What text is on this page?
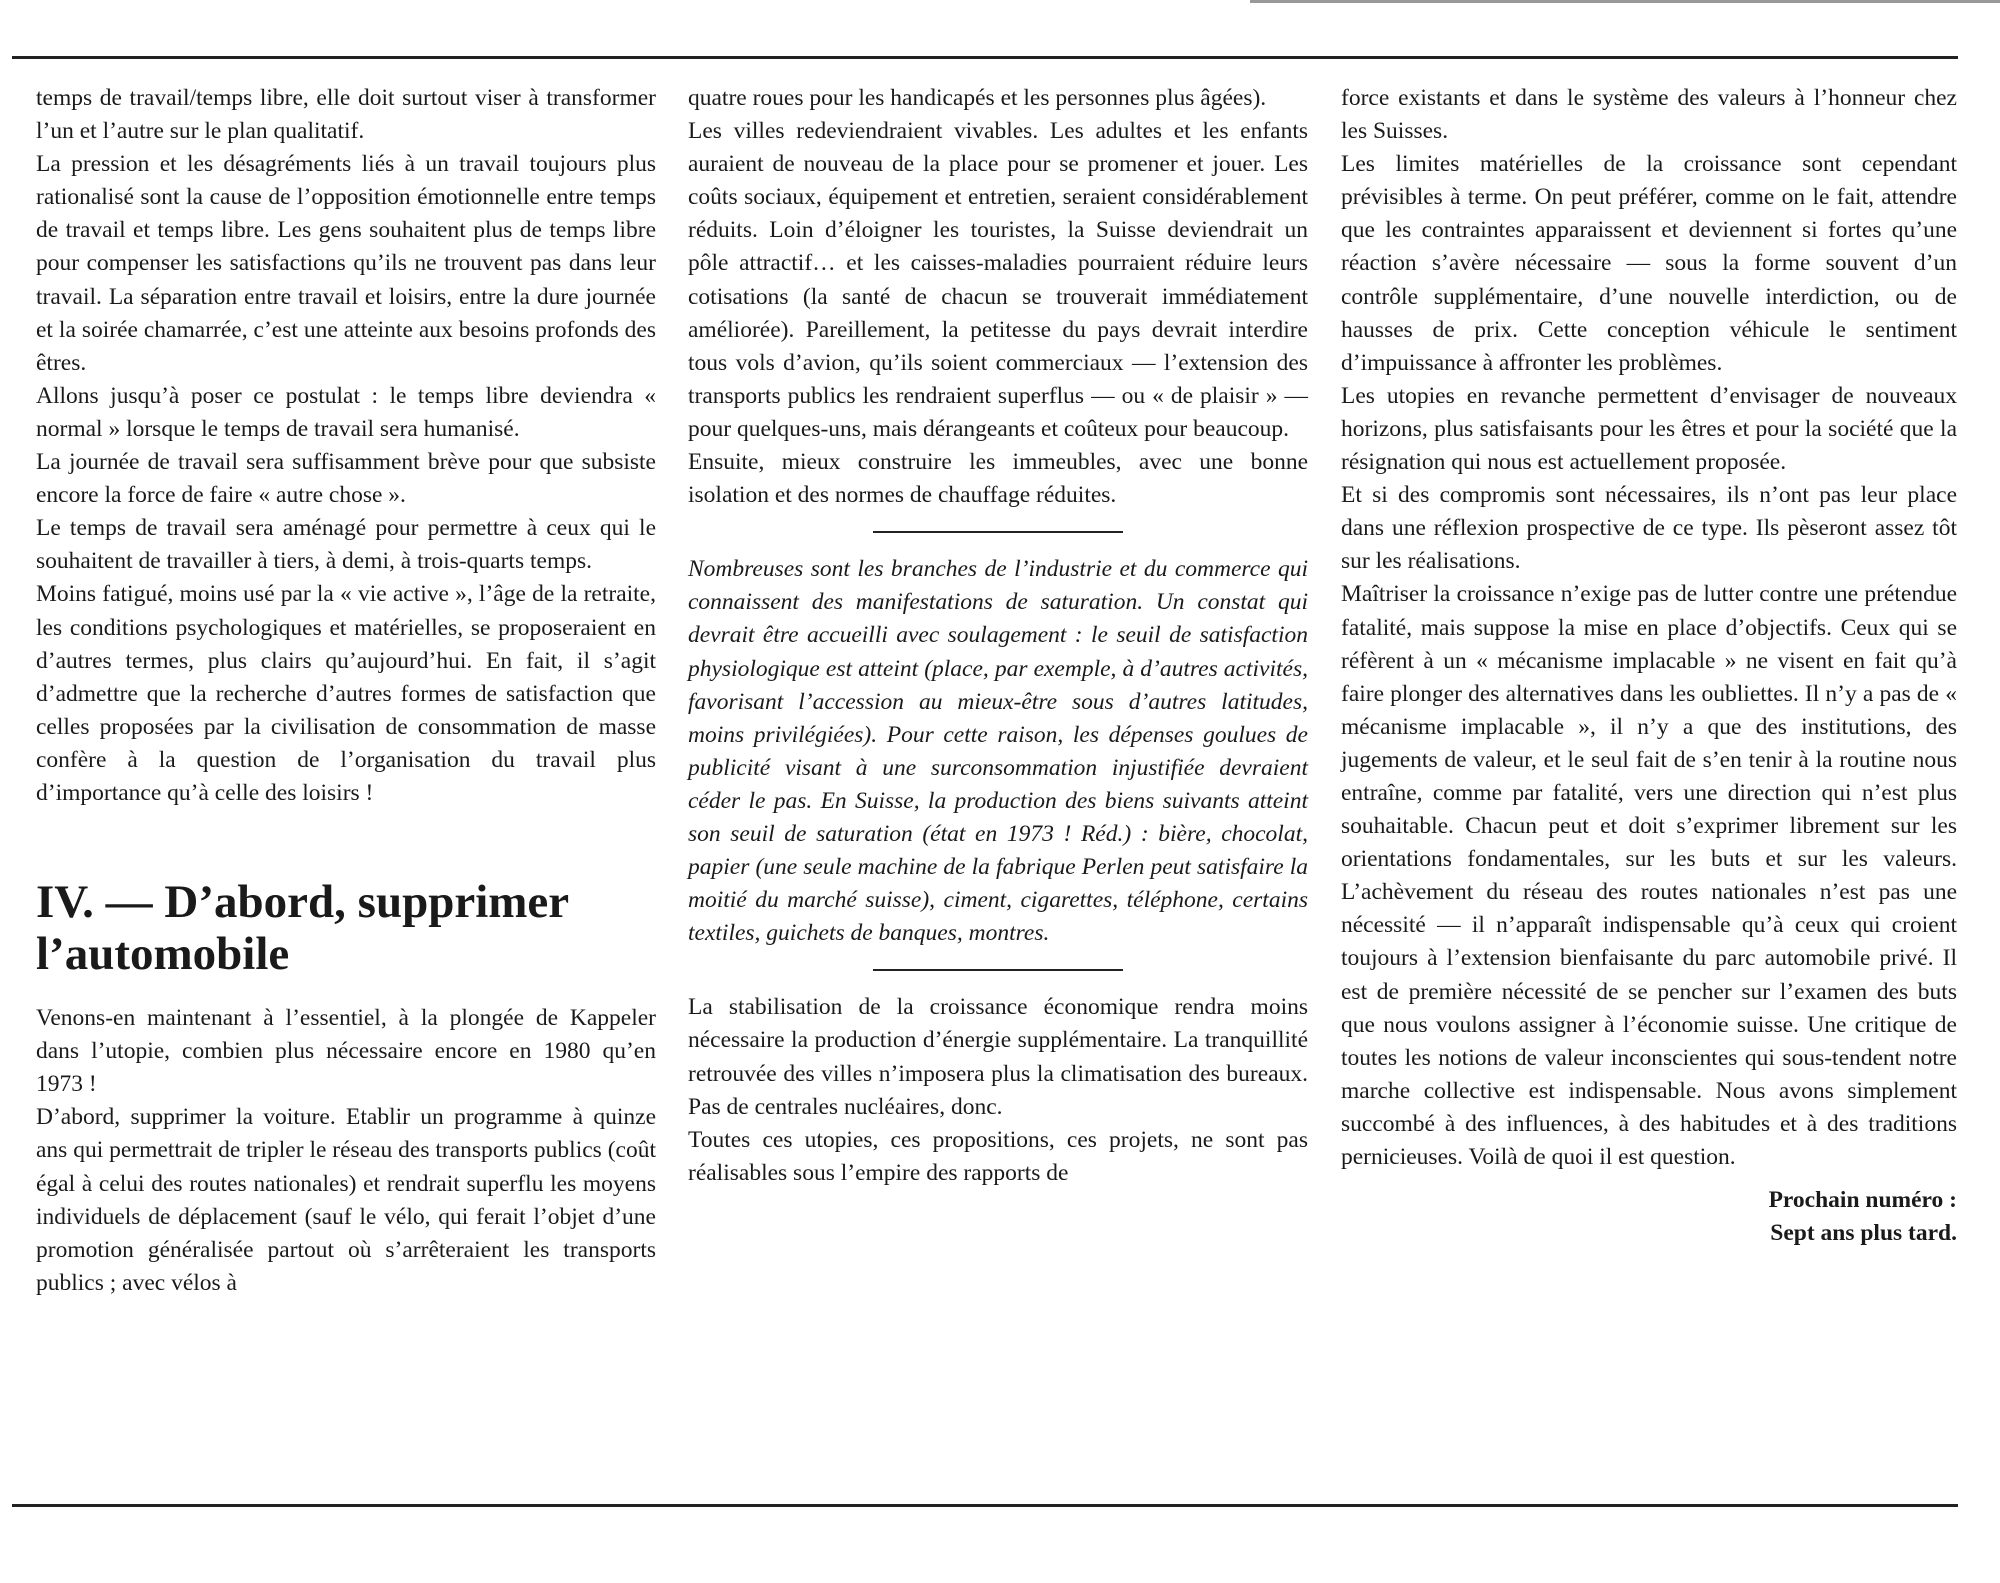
temps de travail/temps libre, elle doit surtout viser à transformer l’un et l’autre sur le plan qualitatif.

La pression et les désagréments liés à un travail toujours plus rationalisé sont la cause de l’opposition émotionnelle entre temps de travail et temps libre. Les gens souhaitent plus de temps libre pour compenser les satisfactions qu’ils ne trouvent pas dans leur travail. La séparation entre travail et loisirs, entre la dure journée et la soirée chamarrée, c’est une atteinte aux besoins profonds des êtres.

Allons jusqu’à poser ce postulat : le temps libre deviendra « normal » lorsque le temps de travail sera humanisé.

La journée de travail sera suffisamment brève pour que subsiste encore la force de faire « autre chose ».

Le temps de travail sera aménagé pour permettre à ceux qui le souhaitent de travailler à tiers, à demi, à trois-quarts temps.

Moins fatigué, moins usé par la « vie active », l’âge de la retraite, les conditions psychologiques et matérielles, se proposeraient en d’autres termes, plus clairs qu’aujourd’hui. En fait, il s’agit d’admettre que la recherche d’autres formes de satisfaction que celles proposées par la civilisation de consommation de masse confère à la question de l’organisation du travail plus d’importance qu’à celle des loisirs !

IV. — D’abord, supprimer l’automobile

Venons-en maintenant à l’essentiel, à la plongée de Kappeler dans l’utopie, combien plus nécessaire encore en 1980 qu’en 1973 !

D’abord, supprimer la voiture. Etablir un programme à quinze ans qui permettrait de tripler le réseau des transports publics (coût égal à celui des routes nationales) et rendrait superflu les moyens individuels de déplacement (sauf le vélo, qui ferait l’objet d’une promotion généralisée partout où s’arrêteraient les transports publics ; avec vélos à

quatre roues pour les handicapés et les personnes plus âgées).

Les villes redeviendraient vivables. Les adultes et les enfants auraient de nouveau de la place pour se promener et jouer. Les coûts sociaux, équipement et entretien, seraient considérablement réduits. Loin d’éloigner les touristes, la Suisse deviendrait un pôle attractif… et les caisses-maladies pourraient réduire leurs cotisations (la santé de chacun se trouverait immédiatement améliorée). Pareillement, la petitesse du pays devrait interdire tous vols d’avion, qu’ils soient commerciaux — l’extension des transports publics les rendraient superflus — ou « de plaisir » — pour quelques-uns, mais dérangeants et coûteux pour beaucoup.

Ensuite, mieux construire les immeubles, avec une bonne isolation et des normes de chauffage réduites.

Nombreuses sont les branches de l’industrie et du commerce qui connaissent des manifestations de saturation. Un constat qui devrait être accueilli avec soulagement : le seuil de satisfaction physiologique est atteint (place, par exemple, à d’autres activités, favorisant l’accession au mieux-être sous d’autres latitudes, moins privilégiées). Pour cette raison, les dépenses goulues de publicité visant à une surconsommation injustifiée devraient céder le pas. En Suisse, la production des biens suivants atteint son seuil de saturation (état en 1973 ! Réd.) : bière, chocolat, papier (une seule machine de la fabrique Perlen peut satisfaire la moitié du marché suisse), ciment, cigarettes, téléphone, certains textiles, guichets de banques, montres.

La stabilisation de la croissance économique rendra moins nécessaire la production d’énergie supplémentaire. La tranquillité retrouvée des villes n’imposera plus la climatisation des bureaux. Pas de centrales nucléaires, donc.

Toutes ces utopies, ces propositions, ces projets, ne sont pas réalisables sous l’empire des rapports de

force existants et dans le système des valeurs à l’honneur chez les Suisses.

Les limites matérielles de la croissance sont cependant prévisibles à terme. On peut préférer, comme on le fait, attendre que les contraintes apparaissent et deviennent si fortes qu’une réaction s’avère nécessaire — sous la forme souvent d’un contrôle supplémentaire, d’une nouvelle interdiction, ou de hausses de prix. Cette conception véhicule le sentiment d’impuissance à affronter les problèmes.

Les utopies en revanche permettent d’envisager de nouveaux horizons, plus satisfaisants pour les êtres et pour la société que la résignation qui nous est actuellement proposée.

Et si des compromis sont nécessaires, ils n’ont pas leur place dans une réflexion prospective de ce type. Ils pèseront assez tôt sur les réalisations.

Maîtriser la croissance n’exige pas de lutter contre une prétendue fatalité, mais suppose la mise en place d’objectifs. Ceux qui se réfèrent à un « mécanisme implacable » ne visent en fait qu’à faire plonger des alternatives dans les oubliettes. Il n’y a pas de « mécanisme implacable », il n’y a que des institutions, des jugements de valeur, et le seul fait de s’en tenir à la routine nous entraîne, comme par fatalité, vers une direction qui n’est plus souhaitable. Chacun peut et doit s’exprimer librement sur les orientations fondamentales, sur les buts et sur les valeurs. L’achèvement du réseau des routes nationales n’est pas une nécessité — il n’apparaît indispensable qu’à ceux qui croient toujours à l’extension bienfaisante du parc automobile privé. Il est de première nécessité de se pencher sur l’examen des buts que nous voulons assigner à l’économie suisse. Une critique de toutes les notions de valeur inconscientes qui sous-tendent notre marche collective est indispensable. Nous avons simplement succombé à des influences, à des habitudes et à des traditions pernicieuses. Voilà de quoi il est question.

Prochain numéro :
Sept ans plus tard.
